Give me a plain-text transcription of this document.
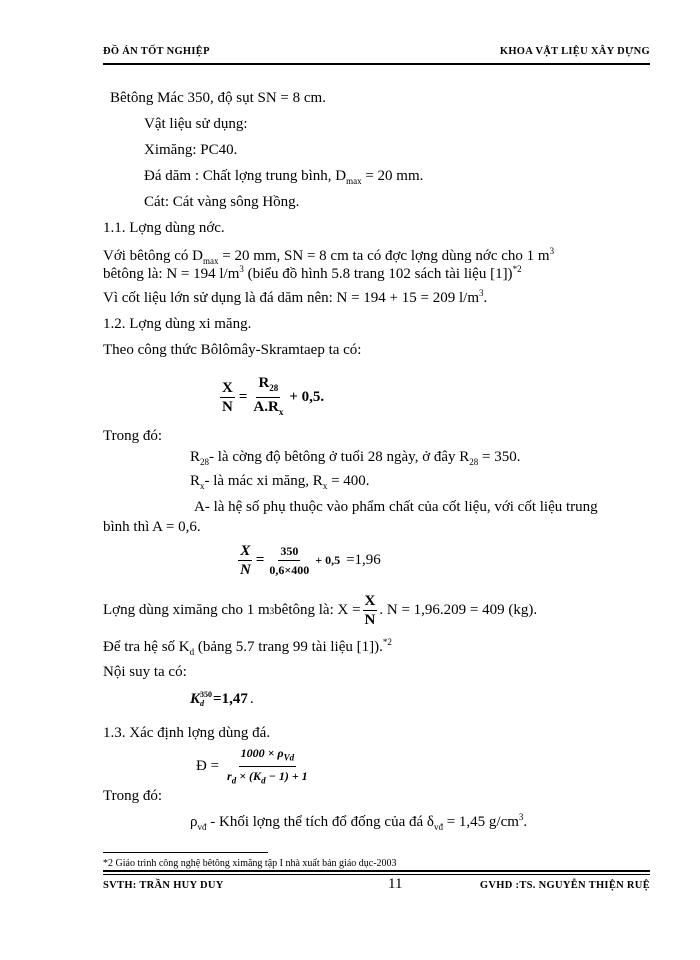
ĐỒ ÁN TỐT NGHIỆP	KHOA VẬT LIỆU XÂY DỰNG
Bêtông Mác 350, độ sụt SN = 8 cm.
Vật liệu sử dụng:
Ximăng: PC40.
Đá dăm : Chất lợng trung bình, $D_{max} = 20$ mm.
Cát: Cát vàng sông Hồng.
1.1. Lợng dùng nớc.
Với bêtông có $D_{max} = 20$ mm, SN = 8 cm ta có đợc lợng dùng nớc cho 1 $m^3$
bêtông là: N = 194 $l/m^3$ (biểu đồ hình 5.8 trang 102 sách tài liệu [1])$^{*2}$
Vì cốt liệu lớn sử dụng là đá dăm nên: N = 194 + 15 = 209 $l/m^3$.
1.2. Lợng dùng xi măng.
Theo công thức Bôlômây-Skramtaep ta có:
$\frac{X}{N} = \frac{R_{28}}{A.R_x} + 0,5$ .
Trong đó:
$R_{28}-$ là cờng độ bêtông ở tuổi 28 ngày, ở đây $R_{28} = 350$.
$R_x-$ là mác xi măng, $R_x = 400$.
A- là hệ số phụ thuộc vào phẩm chất của cốt liệu, với cốt liệu trung
bình thì A = 0,6.
$\frac{X}{N} = \frac{350}{0,6\times 400} + 0,5 =1,96$
Lợng dùng ximăng cho 1 m 3 bêtông là: $X = \frac{X}{N}$ . N = 1,96.209 = 409 (kg).
Để tra hệ số $K_d$ (bảng 5.7 trang 99 tài liệu [1]).$^{*2}$
Nội suy ta có:
K 350
d =1,47 .
1.3. Xác định lợng dùng đá.
Đ = $\frac{1000 \times \rho_{Vd}}{r_d \times (K_d - 1) + 1}$
Trong đó:
$\rho_{vđ}$ - Khối lợng thể tích đổ đống của đá $\delta_{vđ} = 1,45$ $g/cm^3$.
*2 Giáo trình công nghệ bêtông ximăng tập I nhà xuất bản giáo dục-2003
SVTH: TRẦN HUY DUY	11	GVHD :TS. NGUYỄN THIỆN RUỆ
